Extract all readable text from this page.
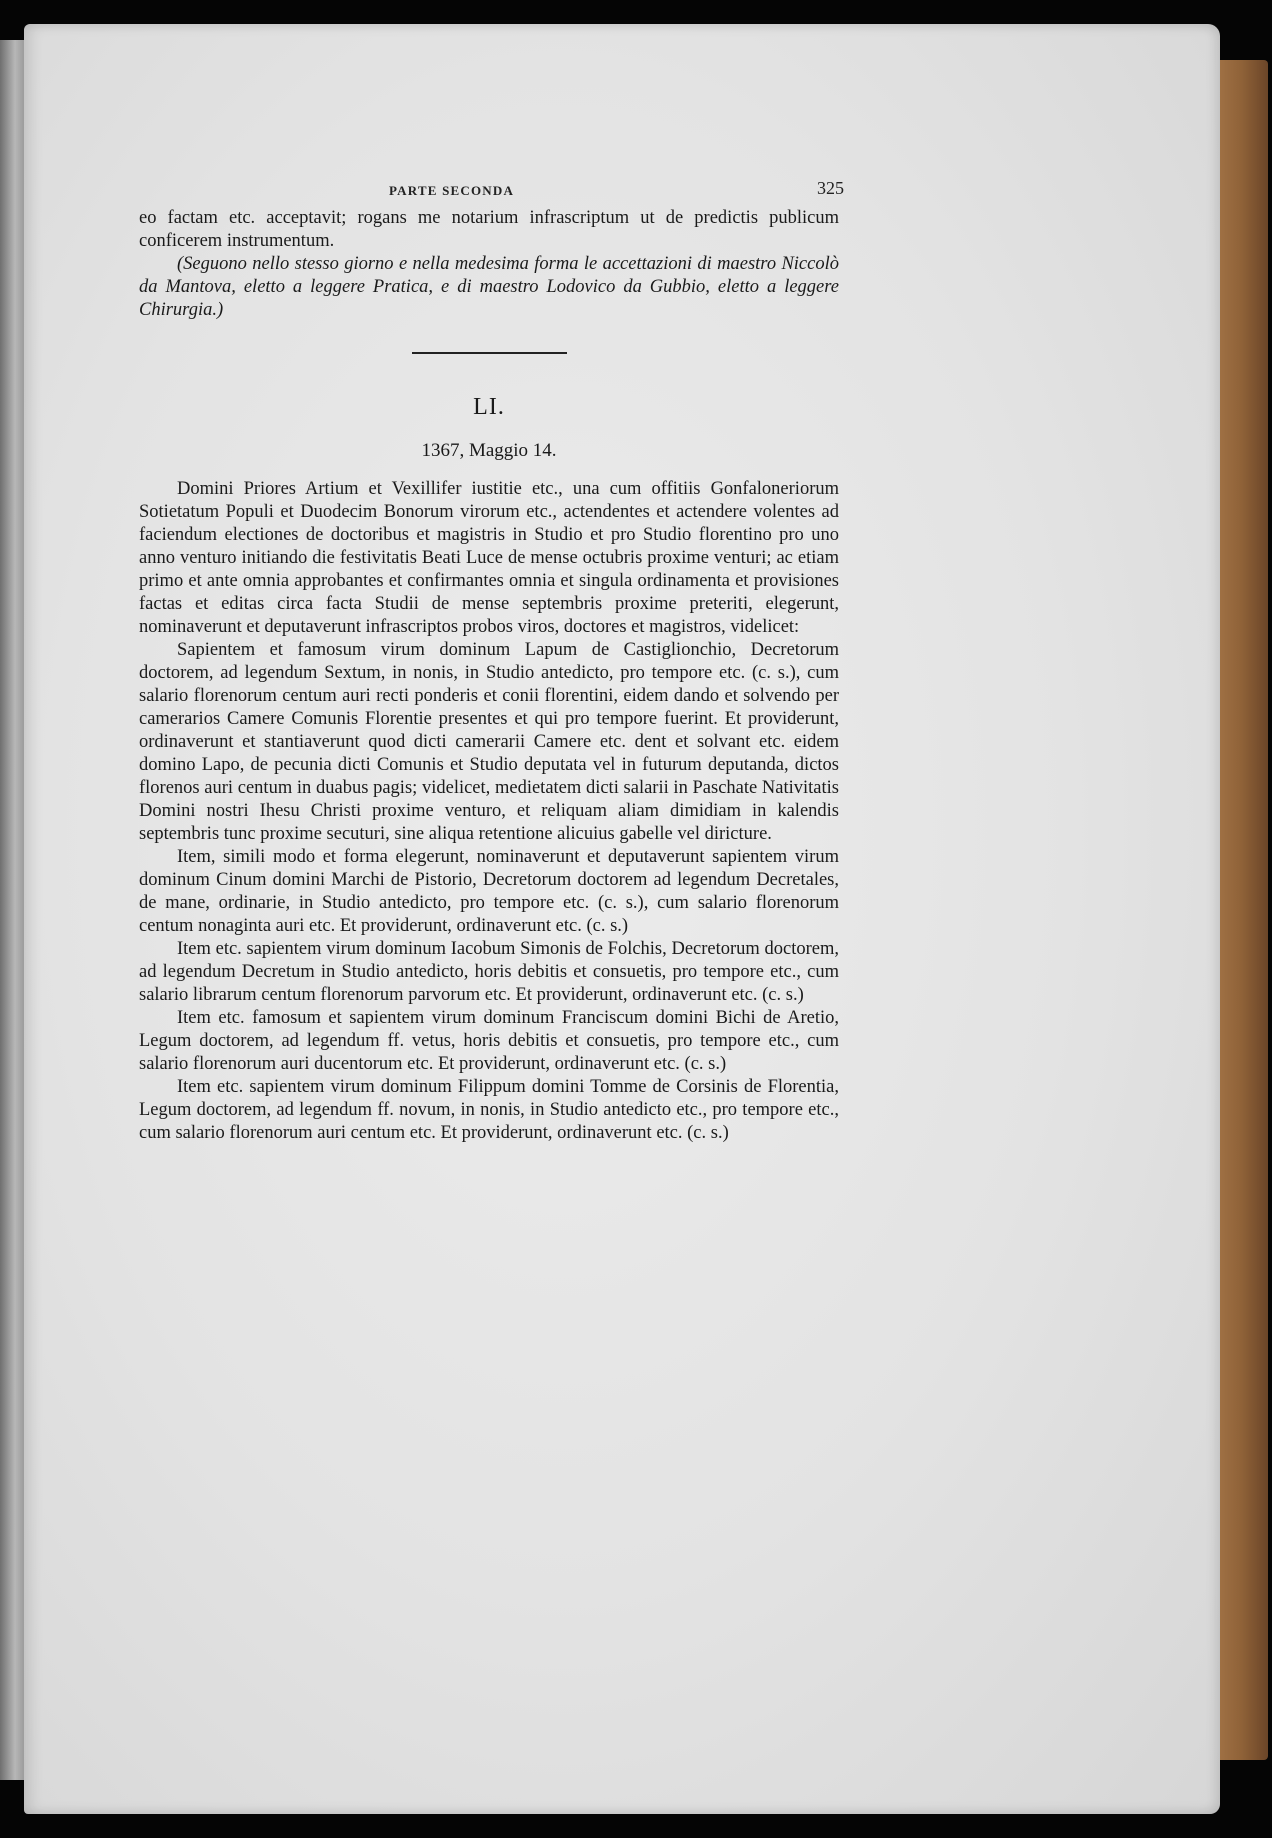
PARTE SECONDA	325

eo factam etc. acceptavit; rogans me notarium infrascriptum ut de predictis publicum conficerem instrumentum.

(Seguono nello stesso giorno e nella medesima forma le accettazioni di maestro Niccolò da Mantova, eletto a leggere Pratica, e di maestro Lodovico da Gubbio, eletto a leggere Chirurgia.)

LI.
1367, Maggio 14.

Domini Priores Artium et Vexillifer iustitie etc., una cum offitiis Gonfaloneriorum Sotietatum Populi et Duodecim Bonorum virorum etc., actendentes et actendere volentes ad faciendum electiones de doctoribus et magistris in Studio et pro Studio florentino pro uno anno venturo initiando die festivitatis Beati Luce de mense octubris proxime venturi; ac etiam primo et ante omnia approbantes et confirmantes omnia et singula ordinamenta et provisiones factas et editas circa facta Studii de mense septembris proxime preteriti, elegerunt, nominaverunt et deputaverunt infrascriptos probos viros, doctores et magistros, videlicet:

Sapientem et famosum virum dominum Lapum de Castiglionchio, Decretorum doctorem, ad legendum Sextum, in nonis, in Studio antedicto, pro tempore etc. (c. s.), cum salario florenorum centum auri recti ponderis et conii florentini, eidem dando et solvendo per camerarios Camere Comunis Florentie presentes et qui pro tempore fuerint. Et providerunt, ordinaverunt et stantiaverunt quod dicti camerarii Camere etc. dent et solvant etc. eidem domino Lapo, de pecunia dicti Comunis et Studio deputata vel in futurum deputanda, dictos florenos auri centum in duabus pagis; videlicet, medietatem dicti salarii in Paschate Nativitatis Domini nostri Ihesu Christi proxime venturo, et reliquam aliam dimidiam in kalendis septembris tunc proxime secuturi, sine aliqua retentione alicuius gabelle vel diricture.

Item, simili modo et forma elegerunt, nominaverunt et deputaverunt sapientem virum dominum Cinum domini Marchi de Pistorio, Decretorum doctorem ad legendum Decretales, de mane, ordinarie, in Studio antedicto, pro tempore etc. (c. s.), cum salario florenorum centum nonaginta auri etc. Et providerunt, ordinaverunt etc. (c. s.)

Item etc. sapientem virum dominum Iacobum Simonis de Folchis, Decretorum doctorem, ad legendum Decretum in Studio antedicto, horis debitis et consuetis, pro tempore etc., cum salario librarum centum florenorum parvorum etc. Et providerunt, ordinaverunt etc. (c. s.)

Item etc. famosum et sapientem virum dominum Franciscum domini Bichi de Aretio, Legum doctorem, ad legendum ff. vetus, horis debitis et consuetis, pro tempore etc., cum salario florenorum auri ducentorum etc. Et providerunt, ordinaverunt etc. (c. s.)

Item etc. sapientem virum dominum Filippum domini Tomme de Corsinis de Florentia, Legum doctorem, ad legendum ff. novum, in nonis, in Studio antedicto etc., pro tempore etc., cum salario florenorum auri centum etc. Et providerunt, ordinaverunt etc. (c. s.)
